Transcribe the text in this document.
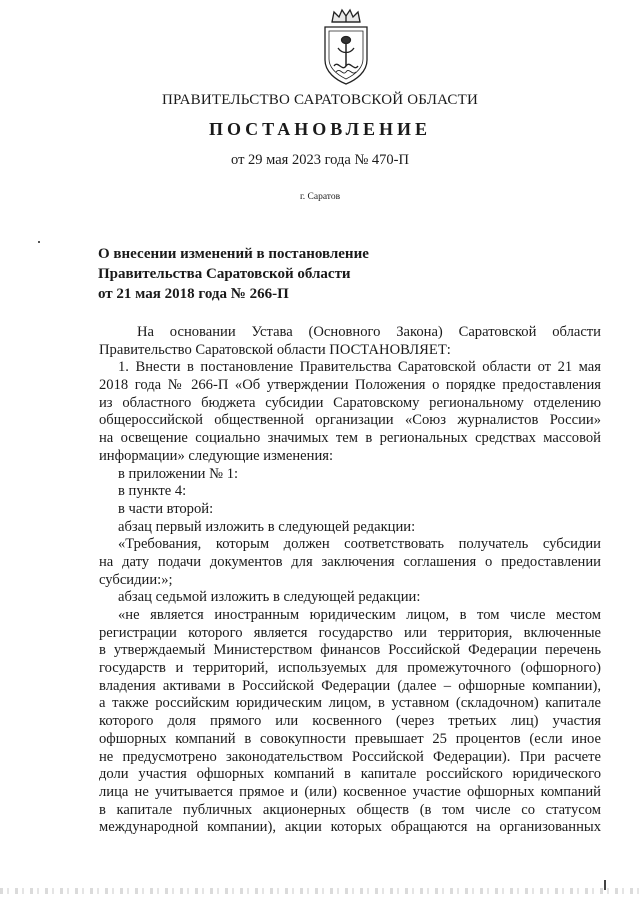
ПРАВИТЕЛЬСТВО САРАТОВСКОЙ ОБЛАСТИ
ПОСТАНОВЛЕНИЕ
от 29 мая 2023 года № 470-П
г. Саратов
О внесении изменений в постановление
Правительства Саратовской области
от 21 мая 2018 года № 266-П
На основании Устава (Основного Закона) Саратовской области
Правительство Саратовской области ПОСТАНОВЛЯЕТ:
1. Внести в постановление Правительства Саратовской области от 21 мая
2018 года № 266-П «Об утверждении Положения о порядке предоставления
из областного бюджета субсидии Саратовскому региональному отделению
общероссийской общественной организации «Союз журналистов России»
на освещение социально значимых тем в региональных средствах массовой
информации» следующие изменения:
в приложении № 1:
в пункте 4:
в части второй:
абзац первый изложить в следующей редакции:
«Требования, которым должен соответствовать получатель субсидии
на дату подачи документов для заключения соглашения о предоставлении
субсидии:»;
абзац седьмой изложить в следующей редакции:
«не является иностранным юридическим лицом, в том числе местом
регистрации которого является государство или территория, включенные
в утверждаемый Министерством финансов Российской Федерации перечень
государств и территорий, используемых для промежуточного (офшорного)
владения активами в Российской Федерации (далее – офшорные компании),
а также российским юридическим лицом, в уставном (складочном) капитале
которого доля прямого или косвенного (через третьих лиц) участия
офшорных компаний в совокупности превышает 25 процентов (если иное
не предусмотрено законодательством Российской Федерации). При расчете
доли участия офшорных компаний в капитале российского юридического
лица не учитывается прямое и (или) косвенное участие офшорных компаний
в капитале публичных акционерных обществ (в том числе со статусом
международной компании), акции которых обращаются на организованных
